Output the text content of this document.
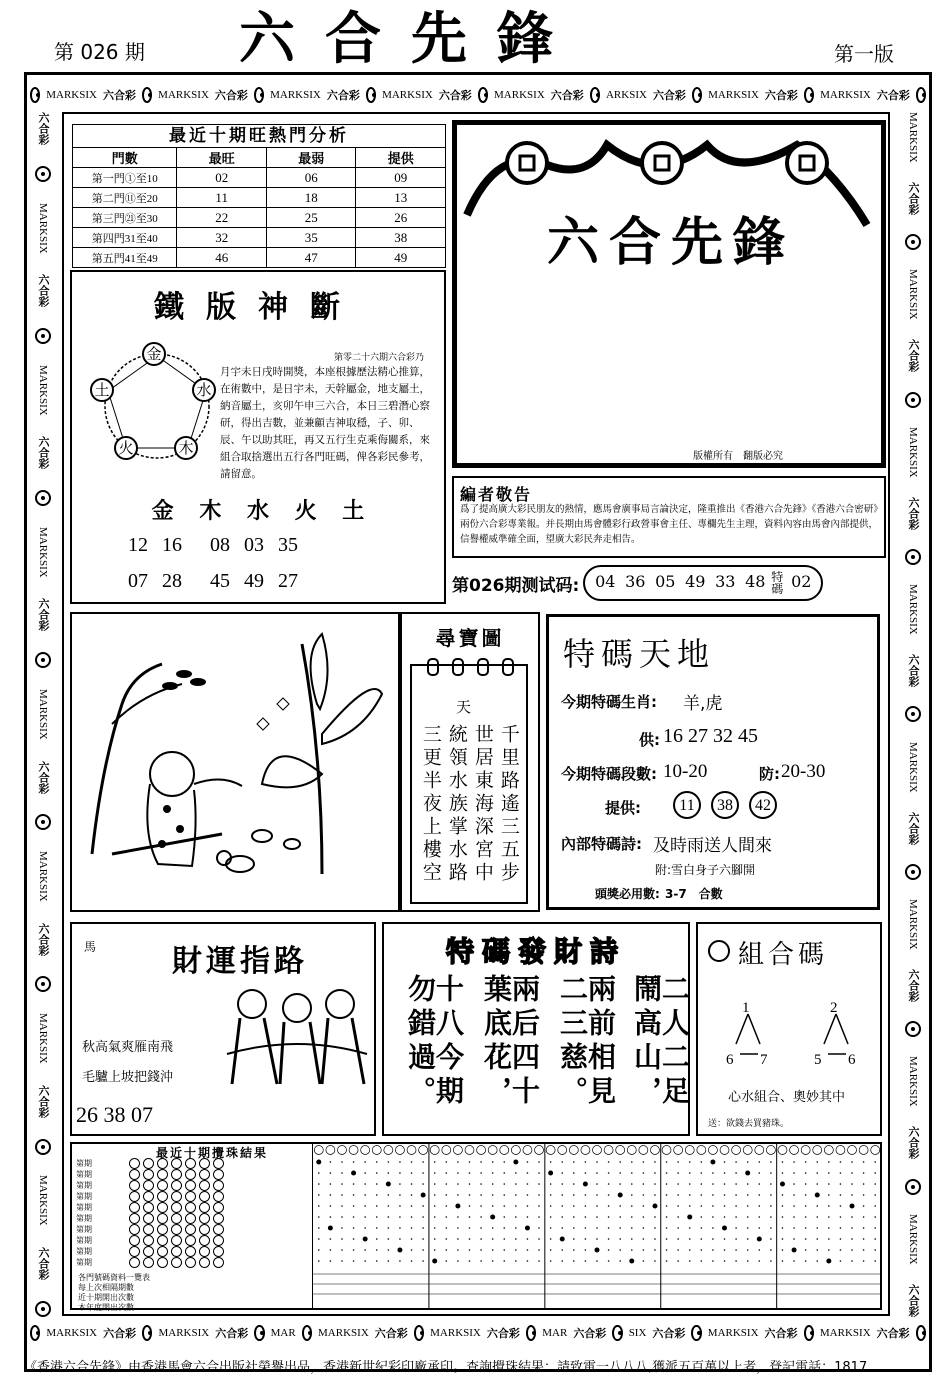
第 026 期 六合先鋒	第一版
MARKSIX 六合彩 MARKSIX 六合彩 MARKSIX 六合彩 MARKSIX 六合彩 MARKSIX 六合彩 ARKSIX 六合彩 MARKSIX 六合彩 MARKSIX 六合彩
MARKSIX 六合彩 MARKSIX 六合彩 MAR MARKSIX 六合彩 MARKSIX 六合彩 MAR 六合彩 SIX 六合彩 MARKSIX 六合彩 MARKSIX 六合彩
六合彩
MARKSIX
六合彩
MARKSIX
六合彩
MARKSIX
六合彩
MARKSIX
六合彩
MARKSIX
六合彩
MARKSIX
六合彩
MARKSIX
六合彩
MARKSIX
六合彩
MARKSIX
六合彩
MARKSIX
六合彩
MARKSIX
六合彩
MARKSIX
六合彩
MARKSIX
六合彩
MARKSIX
六合彩
MARKSIX
六合彩
最近十期旺熱門分析
門數	最旺	最弱	提供
第一門①至10	02	06	09
第二門⑪至20	11	18	13
第三門㉑至30	22	25	26
第四門31至40	32	35	38
第五門41至49	46	47	49
鐵版神斷
金
水
木
火
土
第零二十六期六合彩乃
月宇未日戌時開獎，本座根據歷法精心推算，在術數中，是日宇未，天幹屬金，地支屬土，納音屬土，亥卯午申三六合，本日三碧潛心察研，得出吉數，並兼顧吉神取穩，子、卯、辰、午以助其旺，再又五行生克乘侮關系，來組合取捨選出五行各門旺碼，俾各彩民參考，請留意。
金 木 水 火 土
12 16 08 03 35
07 28 45 49 27
六合先鋒
版權所有　翻版必究
編者敬告
爲了提高廣大彩民朋友的熱情，應馬會廣事局言論決定，隆重推出《香港六合先鋒》《香港六合密研》兩份六合彩專業報。并長期由馬會體彩行政營事會主任、專欄先生主理，資料內容由馬會內部提供，信譽權威準確全面，望廣大彩民奔走相告。
第026期测试码: 04 36 05 49 33 48 特碼 02
尋寶圖
天
千里路遙三五步
世居東海深宮中
統領水族掌水路
三更半夜上樓空
特碼天地
今期特碼生肖: 羊,虎
供: 16 27 32 45
今期特碼段數: 10-20	防: 20-30
提供:	11	38	42
內部特碼詩: 及時雨送人間來
附: 雪白身子六腳開
頭獎必用數: 3-7　合數
馬	財運指路
秋高氣爽雁南飛
毛驢上坡把錢沖
26 38 07
特碼發財詩
二人二足鬧高山，
兩前相見二三慈。
兩后四十葉底花，
十八今期勿錯過。
組合碼
1
6 7
2
5 6
心水組合、奧妙其中
送：欲錢去買豬珠。
最近十期攪珠結果
第期
第期
第期
第期
第期
第期
第期
第期
第期
第期
各門號碼資料一覽表
每上次相隔期數
近十期開出次數
本年度開出次數
《香港六合先鋒》由香港馬會六合出版社榮譽出品，香港新世紀彩印廠承印。查詢攪珠結果：請致電一八八八,獲派五百萬以上者，登記電話：1817
